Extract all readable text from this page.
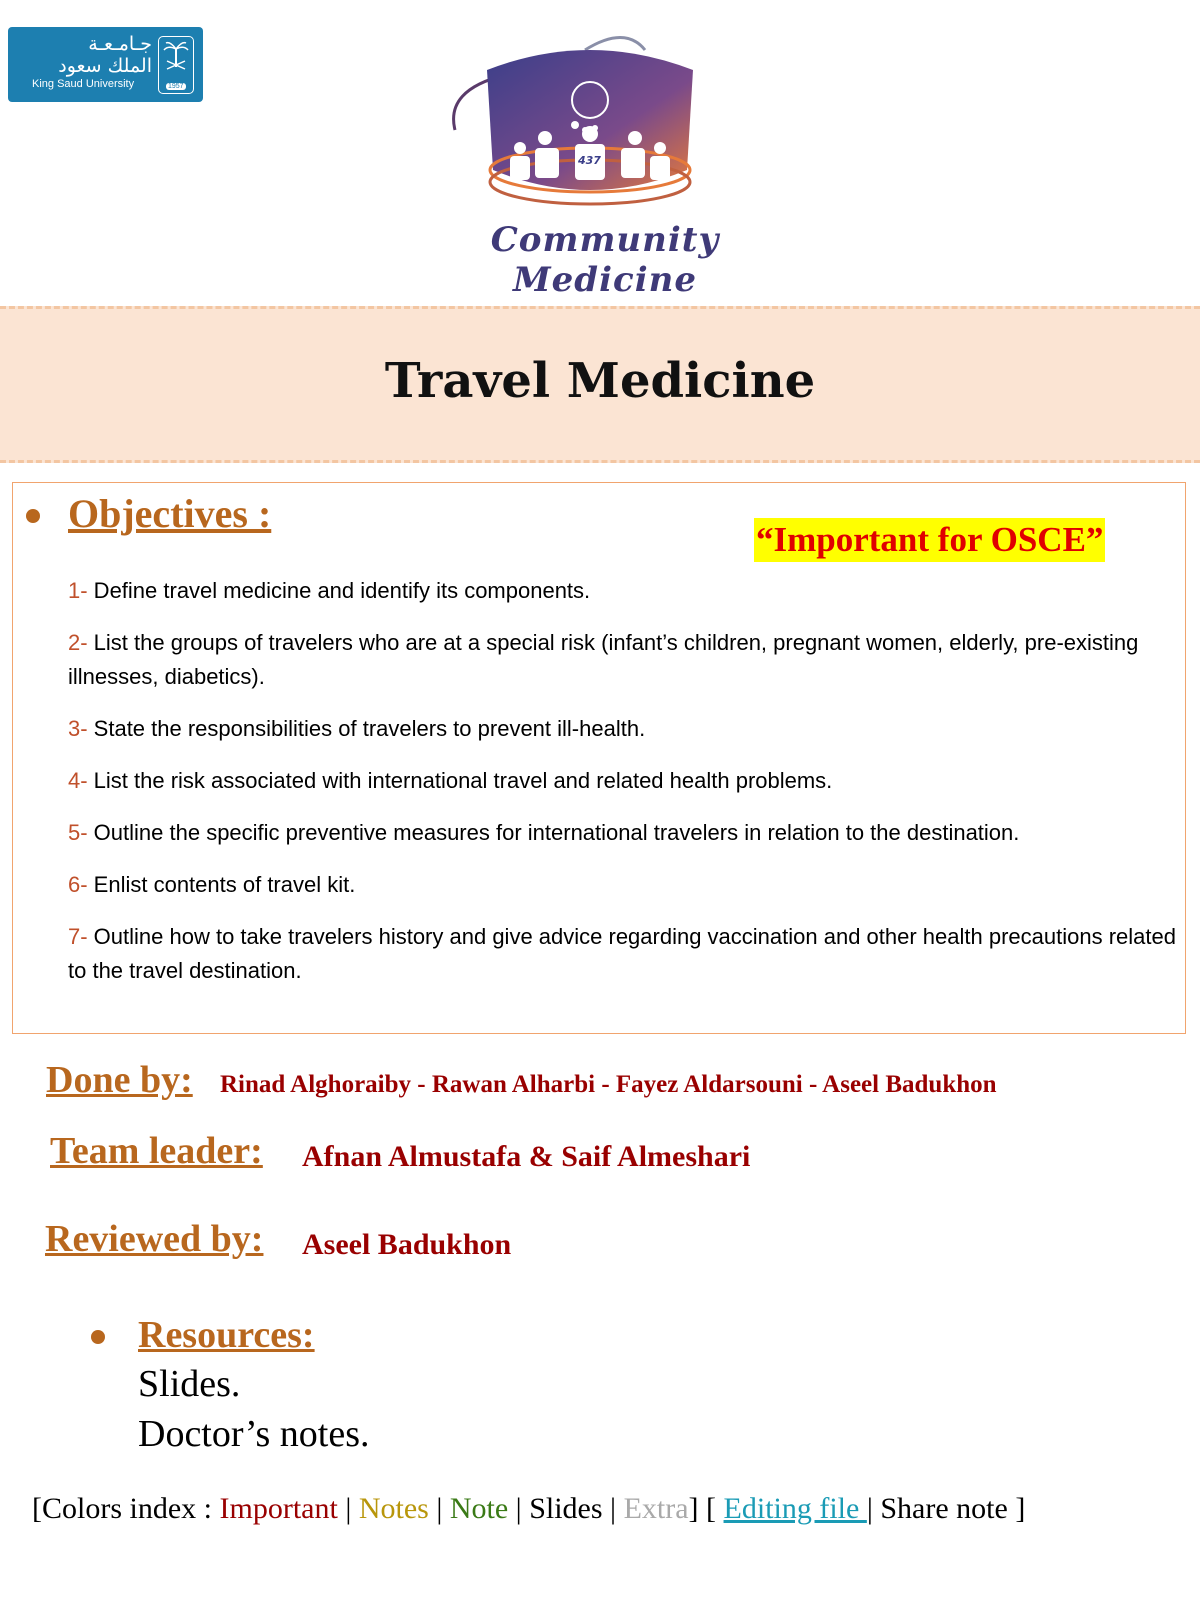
جـامـعـة
الملك سعود
King Saud University	1957
437
Community Medicine
Travel Medicine
Objectives :
“Important for OSCE”
1- Define travel medicine and identify its components.
2- List the groups of travelers who are at a special risk (infant’s children, pregnant women, elderly, pre-existing illnesses, diabetics).
3- State the responsibilities of travelers to prevent ill-health.
4- List the risk associated with international travel and related health problems.
5- Outline the specific preventive measures for international travelers in relation to the destination.
6- Enlist contents of travel kit.
7- Outline how to take travelers history and give advice regarding vaccination and other health precautions related to the travel destination.
Done by: Rinad Alghoraiby - Rawan Alharbi - Fayez Aldarsouni - Aseel Badukhon
Team leader: Afnan Almustafa & Saif Almeshari
Reviewed by: Aseel Badukhon
Resources:
Slides.
Doctor’s notes.
[Colors index : Important | Notes | Note | Slides | Extra] [ Editing file | Share note ]
